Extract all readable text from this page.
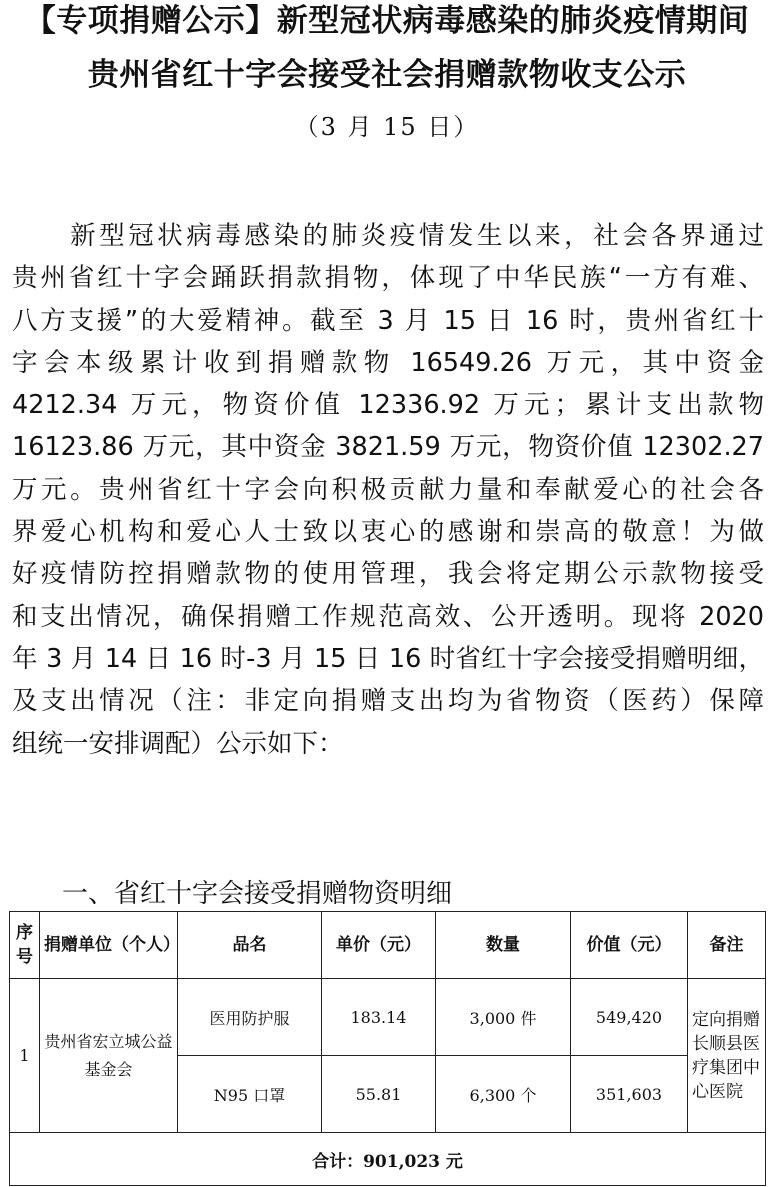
【专项捐赠公示】新型冠状病毒感染的肺炎疫情期间
贵州省红十字会接受社会捐赠款物收支公示
（3 月 15 日）
　　新型冠状病毒感染的肺炎疫情发生以来，社会各界通过
贵州省红十字会踊跃捐款捐物，体现了中华民族“一方有难、
八方支援”的大爱精神。截至 3 月 15 日 16 时，贵州省红十
字会本级累计收到捐赠款物 16549.26 万元，其中资金
4212.34 万元，物资价值 12336.92 万元；累计支出款物
16123.86 万元，其中资金 3821.59 万元，物资价值 12302.27
万元。贵州省红十字会向积极贡献力量和奉献爱心的社会各
界爱心机构和爱心人士致以衷心的感谢和崇高的敬意！为做
好疫情防控捐赠款物的使用管理，我会将定期公示款物接受
和支出情况，确保捐赠工作规范高效、公开透明。现将 2020
年 3 月 14 日 16 时-3 月 15 日 16 时省红十字会接受捐赠明细，
及支出情况（注：非定向捐赠支出均为省物资（医药）保障
组统一安排调配）公示如下：
一、省红十字会接受捐赠物资明细
序号	捐赠单位（个人）	品名	单价（元）	数量	价值（元）	备注
1	贵州省宏立城公益基金会	医用防护服	183.14	3,000 件	549,420	定向捐赠长顺县医疗集团中心医院
		N95 口罩	55.81	6,300 个	351,603	
合计：901,023 元						
